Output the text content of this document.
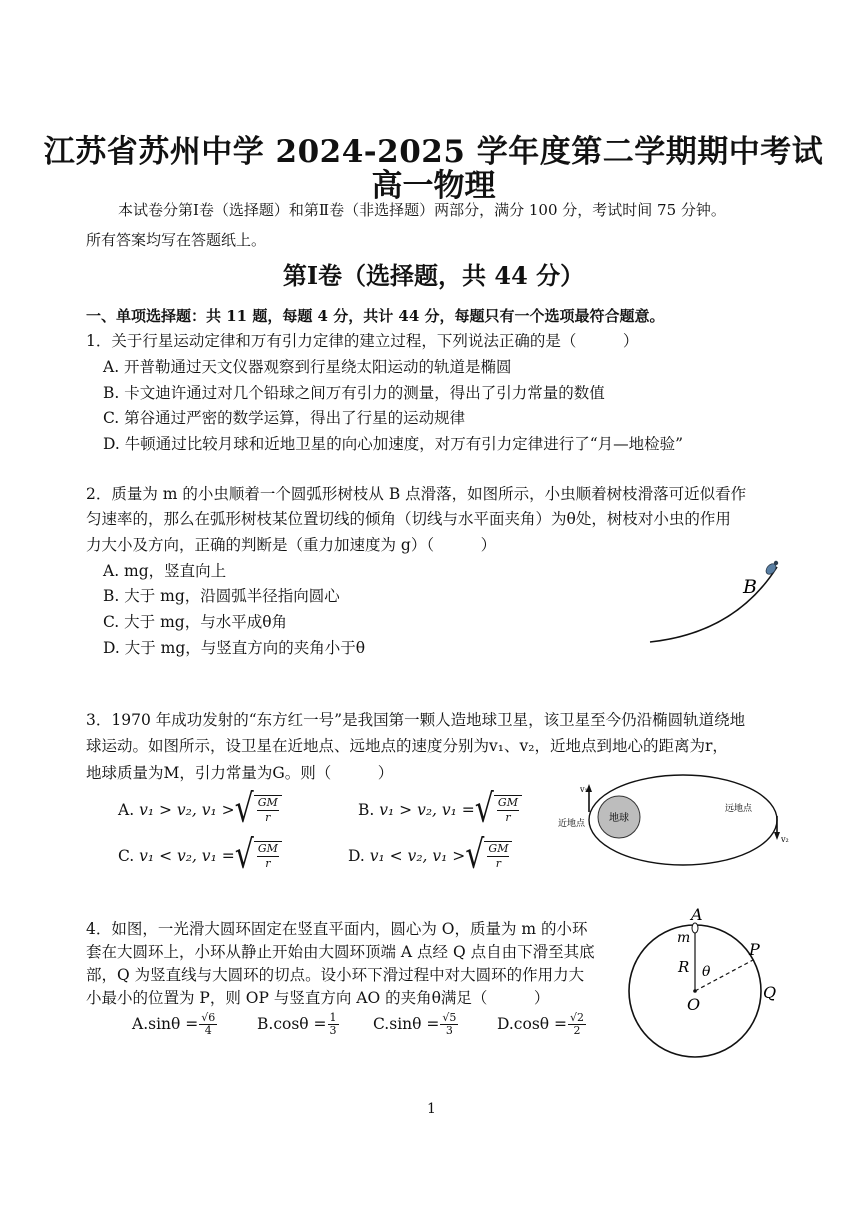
江苏省苏州中学 2024-2025 学年度第二学期期中考试
高一物理
本试卷分第Ⅰ卷（选择题）和第Ⅱ卷（非选择题）两部分，满分 100 分，考试时间 75 分钟。
所有答案均写在答题纸上。
第Ⅰ卷（选择题，共 44 分）
一、单项选择题：共 11 题，每题 4 分，共计 44 分，每题只有一个选项最符合题意。
1．关于行星运动定律和万有引力定律的建立过程，下列说法正确的是（　　　）
A. 开普勒通过天文仪器观察到行星绕太阳运动的轨道是椭圆
B. 卡文迪许通过对几个铅球之间万有引力的测量，得出了引力常量的数值
C. 第谷通过严密的数学运算，得出了行星的运动规律
D. 牛顿通过比较月球和近地卫星的向心加速度，对万有引力定律进行了“月—地检验”
2．质量为 m 的小虫顺着一个圆弧形树枝从 B 点滑落，如图所示，小虫顺着树枝滑落可近似看作
匀速率的，那么在弧形树枝某位置切线的倾角（切线与水平面夹角）为θ处，树枝对小虫的作用
力大小及方向，正确的判断是（重力加速度为 g）（　　　）
A. mg，竖直向上
B. 大于 mg，沿圆弧半径指向圆心
C. 大于 mg，与水平成θ角
D. 大于 mg，与竖直方向的夹角小于θ
B
3．1970 年成功发射的“东方红一号”是我国第一颗人造地球卫星，该卫星至今仍沿椭圆轨道绕地
球运动。如图所示，设卫星在近地点、远地点的速度分别为v₁、v₂，近地点到地心的距离为r，
地球质量为M，引力常量为G。则（　　　）
A.
v₁ > v₂, v₁ > √ GM
r	B.
v₁ > v₂, v₁ = √ GM
r
C.
v₁ < v₂, v₁ = √ GM
r	D.
v₁ < v₂, v₁ > √ GM
r
地球
v₁
近地点
v₂
远地点
4．如图，一光滑大圆环固定在竖直平面内，圆心为 O，质量为 m 的小环
套在大圆环上，小环从静止开始由大圆环顶端 A 点经 Q 点自由下滑至其底
部，Q 为竖直线与大圆环的切点。设小环下滑过程中对大圆环的作用力大
小最小的位置为 P，则 OP 与竖直方向 AO 的夹角θ满足（　　　）
$A.\sin\theta = \frac{√6}{4}$	$B.\cos\theta = \frac{1}{3} C.\sin\theta = \frac{√5}{3} D.\cos\theta = \frac{√2}{2}$
A
m
R θ
O
P
Q
1
